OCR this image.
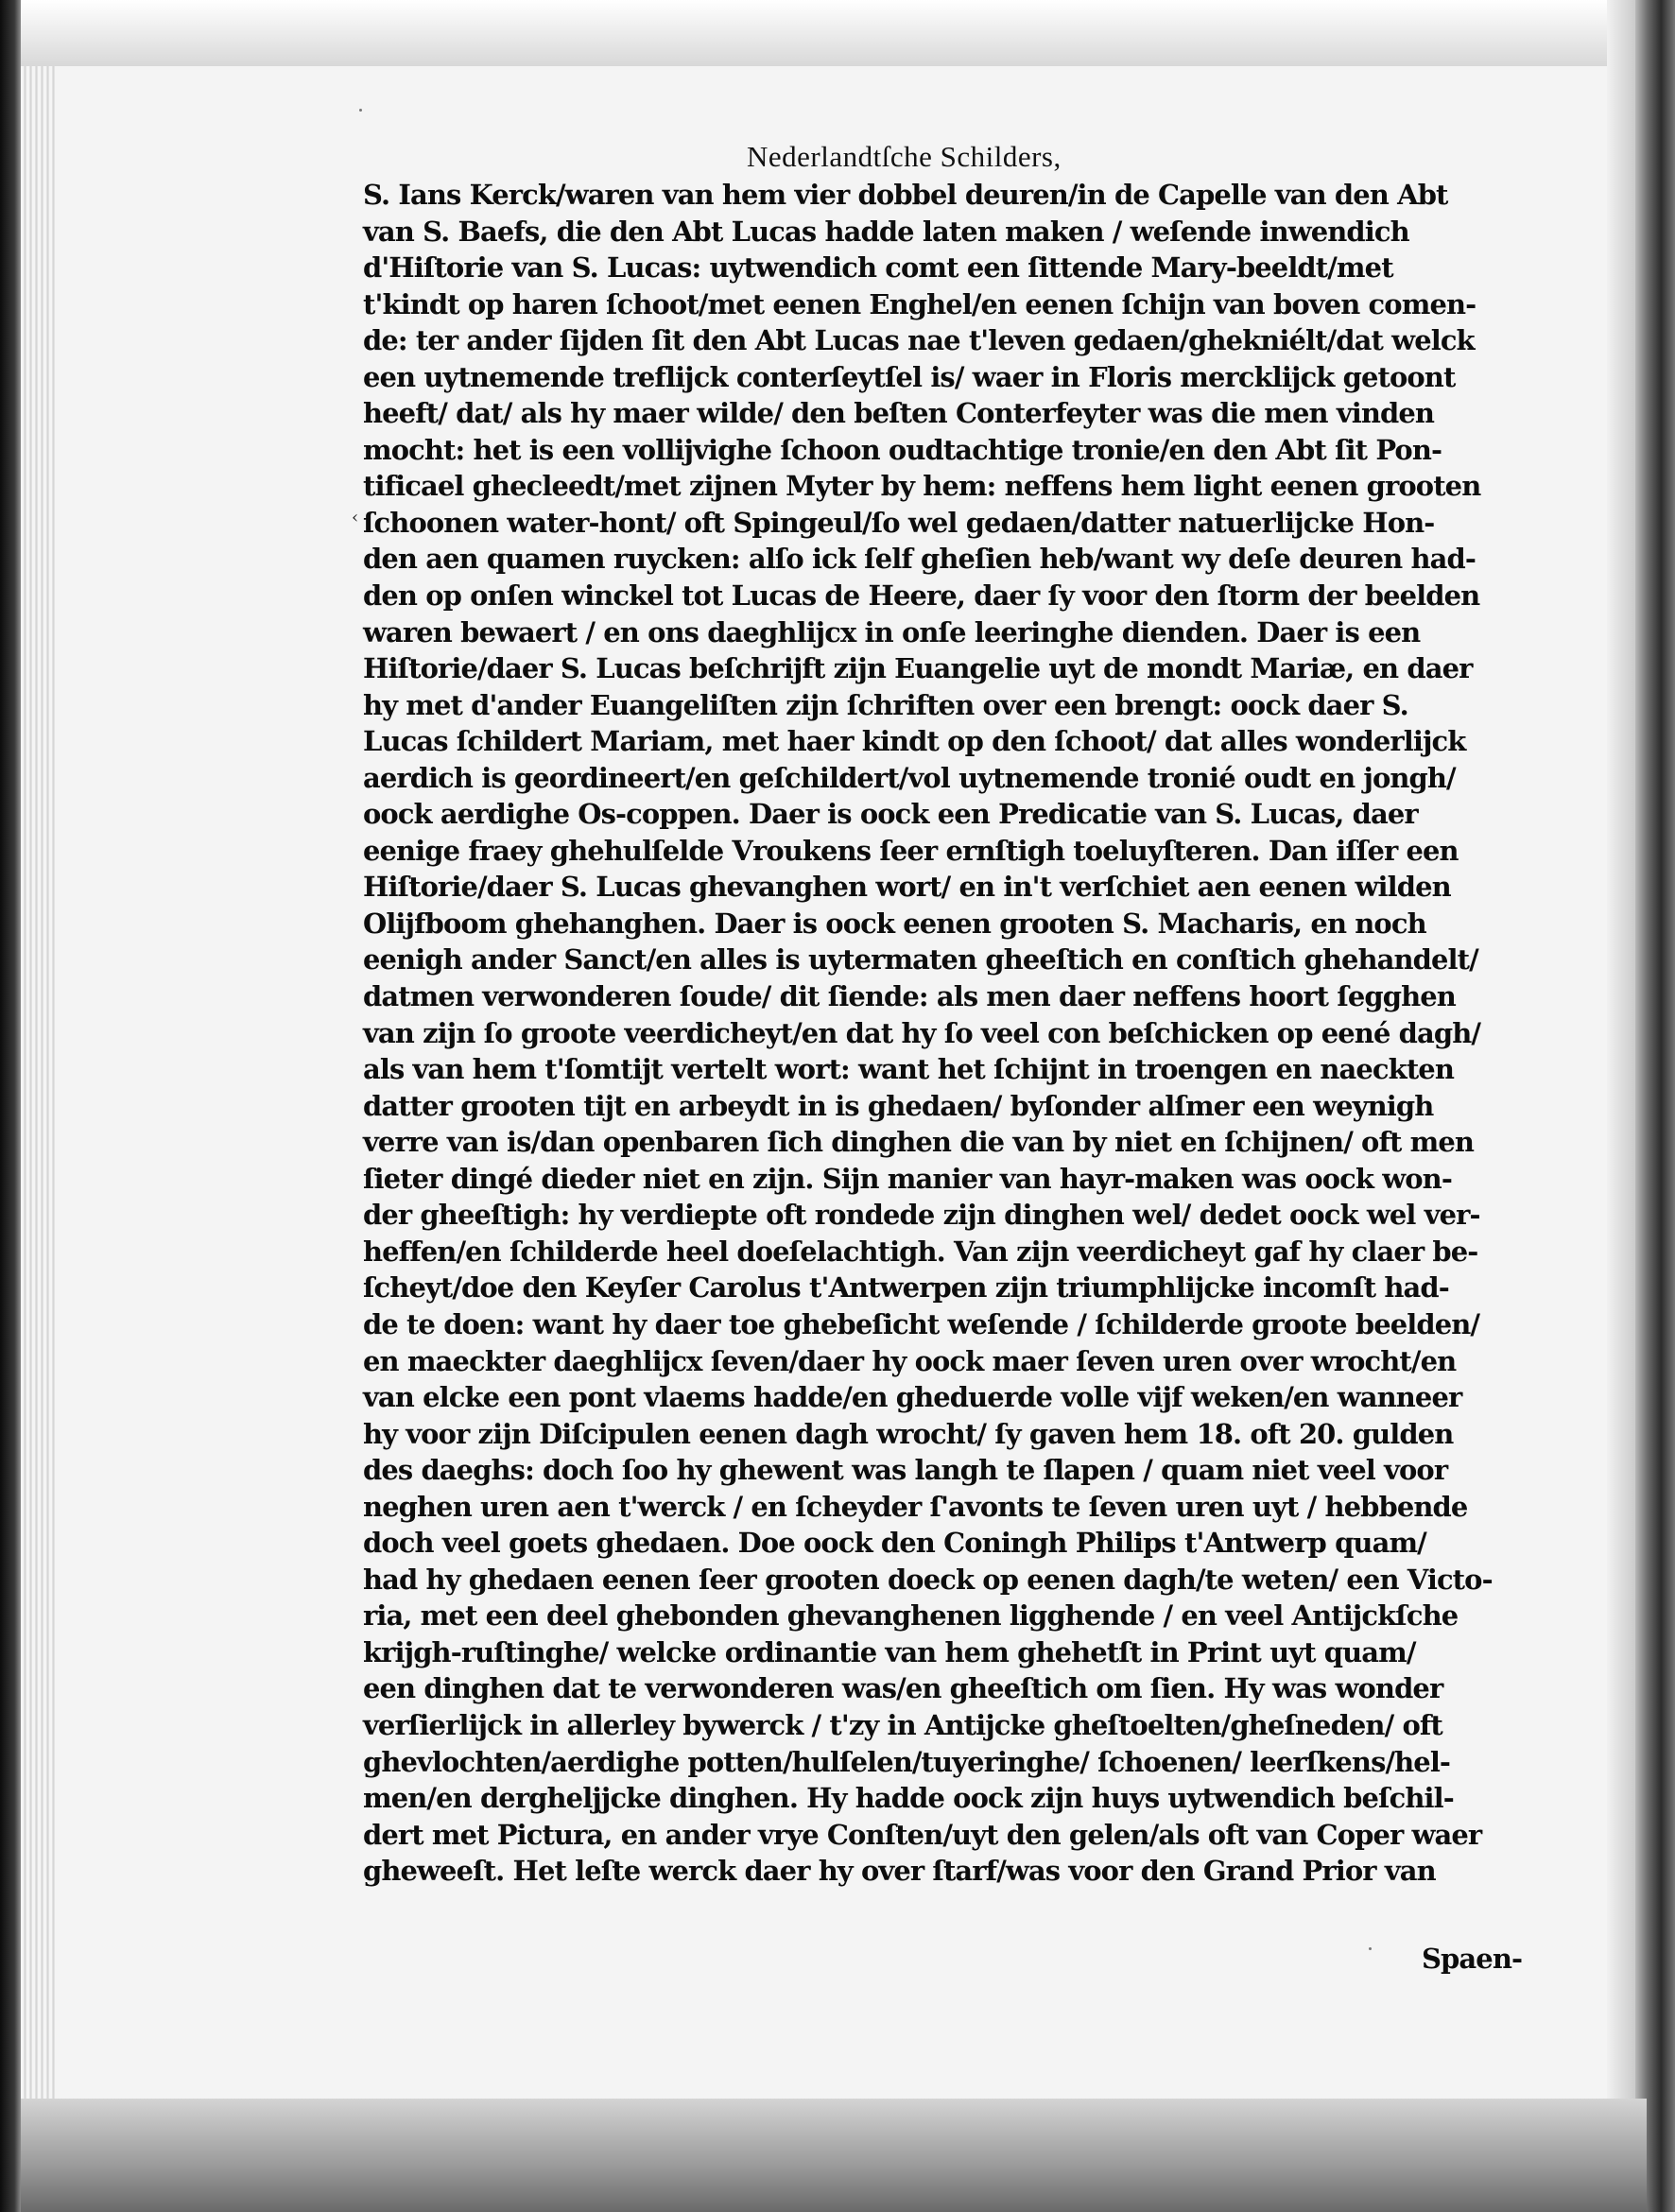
Nederlandtſche Schilders,
‹
S. Ians Kerck/waren van hem vier dobbel deuren/in de Capelle van den Abt
van S. Baefs, die den Abt Lucas hadde laten maken / weſende inwendich
d'Hiſtorie van S. Lucas: uytwendich comt een ſittende Mary-beeldt/met
t'kindt op haren ſchoot/met eenen Enghel/en eenen ſchijn van boven comen-
de: ter ander ſijden ſit den Abt Lucas nae t'leven gedaen/ghekniélt/dat welck
een uytnemende treflijck conterſeytſel is/ waer in Floris mercklijck getoont
heeft/ dat/ als hy maer wilde/ den beſten Conterfeyter was die men vinden
mocht: het is een vollijvighe ſchoon oudtachtige tronie/en den Abt ſit Pon-
tificael ghecleedt/met zijnen Myter by hem: neffens hem light eenen grooten
ſchoonen water-hont/ oft Spingeul/ſo wel gedaen/datter natuerlijcke Hon-
den aen quamen ruycken: alſo ick ſelf gheſien heb/want wy deſe deuren had-
den op onſen winckel tot Lucas de Heere, daer ſy voor den ſtorm der beelden
waren bewaert / en ons daeghlijcx in onſe leeringhe dienden. Daer is een
Hiſtorie/daer S. Lucas beſchrijft zijn Euangelie uyt de mondt Mariæ, en daer
hy met d'ander Euangeliſten zijn ſchriften over een brengt: oock daer S.
Lucas ſchildert Mariam, met haer kindt op den ſchoot/ dat alles wonderlijck
aerdich is geordineert/en geſchildert/vol uytnemende tronié oudt en jongh/
oock aerdighe Os-coppen. Daer is oock een Predicatie van S. Lucas, daer
eenige fraey ghehulſelde Vroukens ſeer ernſtigh toeluyſteren. Dan iſſer een
Hiſtorie/daer S. Lucas ghevanghen wort/ en in't verſchiet aen eenen wilden
Olijfboom ghehanghen. Daer is oock eenen grooten S. Macharis, en noch
eenigh ander Sanct/en alles is uytermaten gheeſtich en conſtich ghehandelt/
datmen verwonderen ſoude/ dit ſiende: als men daer neffens hoort ſegghen
van zijn ſo groote veerdicheyt/en dat hy ſo veel con beſchicken op eené dagh/
als van hem t'ſomtijt vertelt wort: want het ſchijnt in troengen en naeckten
datter grooten tijt en arbeydt in is ghedaen/ byſonder alſmer een weynigh
verre van is/dan openbaren ſich dinghen die van by niet en ſchijnen/ oft men
ſieter dingé dieder niet en zijn. Sijn manier van hayr-maken was oock won-
der gheeſtigh: hy verdiepte oft rondede zijn dinghen wel/ dedet oock wel ver-
heffen/en ſchilderde heel doeſelachtigh. Van zijn veerdicheyt gaf hy claer be-
ſcheyt/doe den Keyſer Carolus t'Antwerpen zijn triumphlijcke incomſt had-
de te doen: want hy daer toe ghebeſicht weſende / ſchilderde groote beelden/
en maeckter daeghlijcx ſeven/daer hy oock maer ſeven uren over wrocht/en
van elcke een pont vlaems hadde/en gheduerde volle vijf weken/en wanneer
hy voor zijn Diſcipulen eenen dagh wrocht/ ſy gaven hem 18. oft 20. gulden
des daeghs: doch ſoo hy ghewent was langh te ſlapen / quam niet veel voor
neghen uren aen t'werck / en ſcheyder ſ'avonts te ſeven uren uyt / hebbende
doch veel goets ghedaen. Doe oock den Coningh Philips t'Antwerp quam/
had hy ghedaen eenen ſeer grooten doeck op eenen dagh/te weten/ een Victo-
ria, met een deel ghebonden ghevanghenen ligghende / en veel Antijckſche
krijgh-ruſtinghe/ welcke ordinantie van hem ghehetſt in Print uyt quam/
een dinghen dat te verwonderen was/en gheeſtich om ſien. Hy was wonder
verſierlijck in allerley bywerck / t'zy in Antijcke gheſtoelten/gheſneden/ oft
ghevlochten/aerdighe potten/hulſelen/tuyeringhe/ ſchoenen/ leerſkens/hel-
men/en dergheljjcke dinghen. Hy hadde oock zijn huys uytwendich beſchil-
dert met Pictura, en ander vrye Conſten/uyt den gelen/als oft van Coper waer
gheweeſt. Het leſte werck daer hy over ſtarf/was voor den Grand Prior van
Spaen-
